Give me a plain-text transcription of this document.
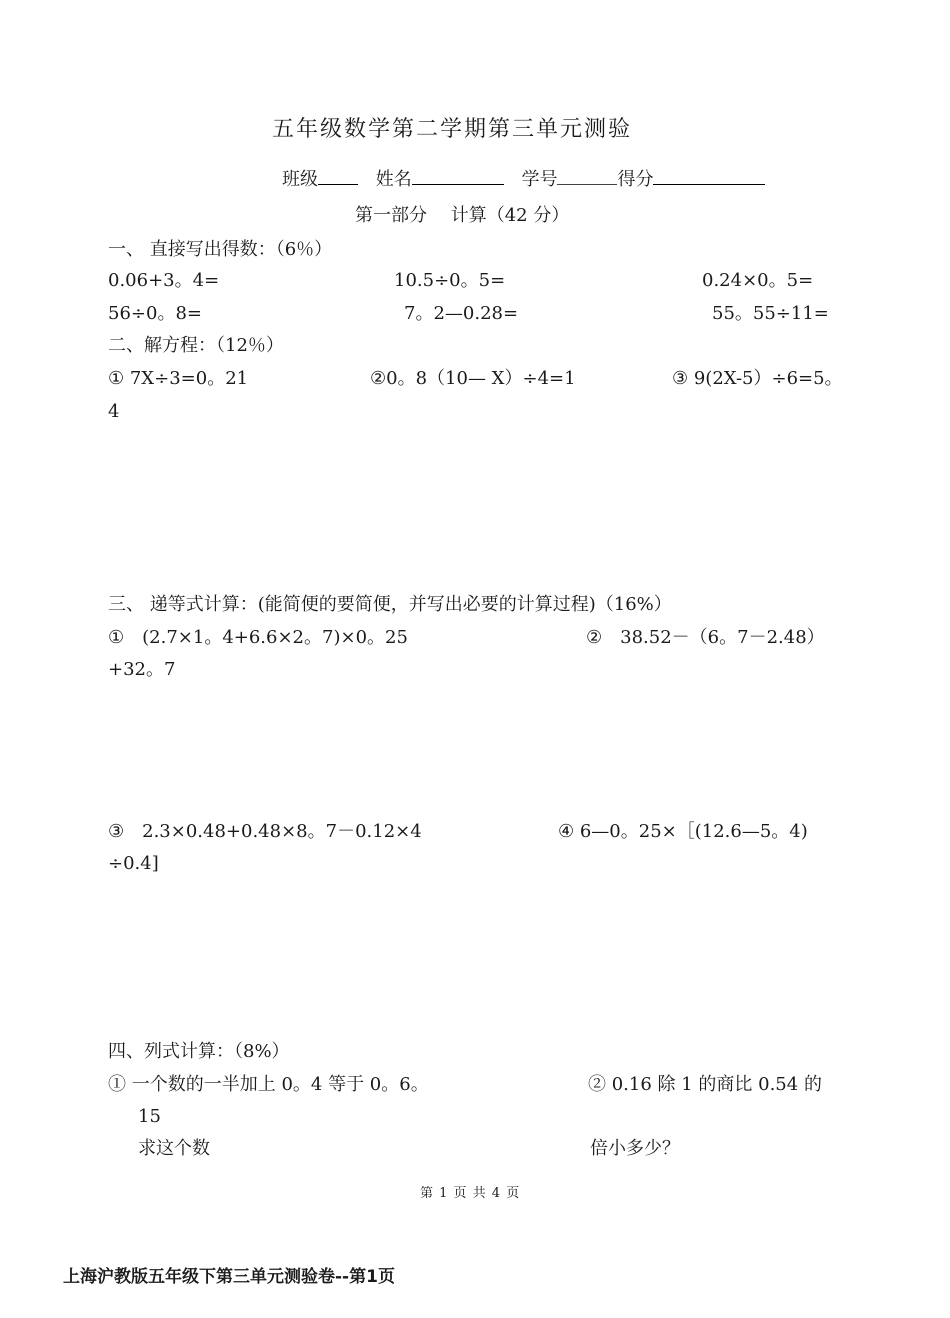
五年级数学第二学期第三单元测验
班级	姓名	学号	得分
第一部分　 计算（42 分）
一、 直接写出得数：（6％）
0.06+3。4=	10.5÷0。5=	0.24×0。5=
56÷0。8=	7。2—0.28=	55。55÷11=
二、解方程：（12％）
① 7X÷3=0。21	②0。8（10— X）÷4=1	③ 9(2X-5）÷6=5。
4
三、 递等式计算：(能简便的要简便，并写出必要的计算过程)（16%）
①　(2.7×1。4+6.6×2。7)×0。25	②　38.52－（6。7－2.48）
+32。7
③　2.3×0.48+0.48×8。7－0.12×4	④ 6—0。25×［(12.6—5。4)
÷0.4]
四、列式计算：（8%）
① 一个数的一半加上 0。4 等于 0。6。
15
求这个数
② 0.16 除 1 的商比 0.54 的
倍小多少？
第 1 页 共 4 页
上海沪教版五年级下第三单元测验卷--第1页
